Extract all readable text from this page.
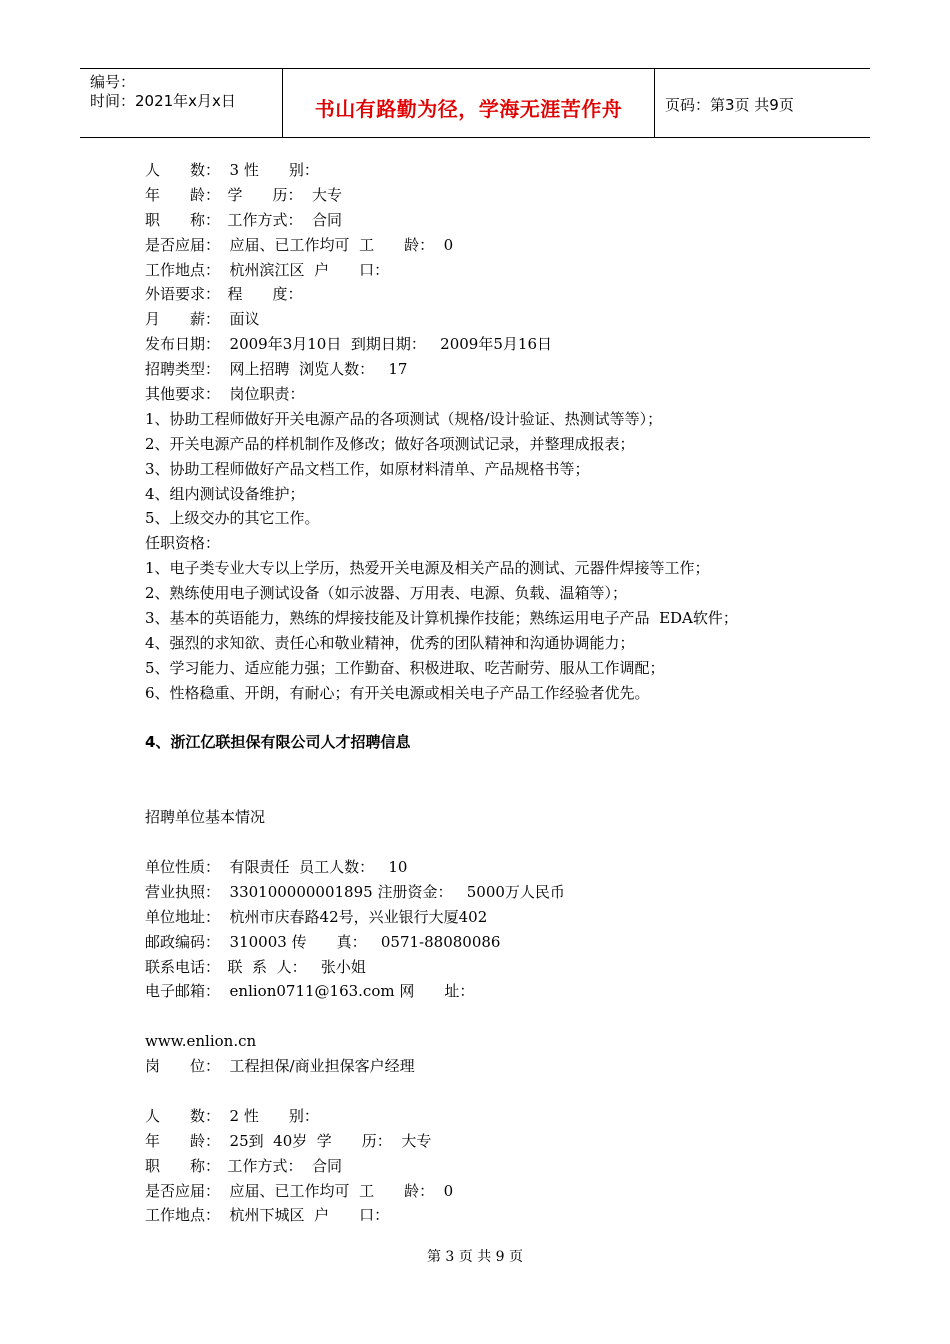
编号：
时间：2021年x月x日	书山有路勤为径，学海无涯苦作舟	页码：第3页 共9页
人　　数：  3 性　　别：
年　　龄：　学　　历：  大专
职　　称：　工作方式：  合同
是否应届：  应届、已工作均可  工　　龄：  0
工作地点：  杭州滨江区  户　　口：
外语要求：　程　　度：
月　　薪：  面议
发布日期：  2009年3月10日  到期日期：   2009年5月16日
招聘类型：  网上招聘  浏览人数：   17
其他要求：  岗位职责：
1、协助工程师做好开关电源产品的各项测试（规格/设计验证、热测试等等）；
2、开关电源产品的样机制作及修改；做好各项测试记录，并整理成报表；
3、协助工程师做好产品文档工作，如原材料清单、产品规格书等；
4、组内测试设备维护；
5、上级交办的其它工作。
任职资格：
1、电子类专业大专以上学历，热爱开关电源及相关产品的测试、元器件焊接等工作；
2、熟练使用电子测试设备（如示波器、万用表、电源、负载、温箱等）；
3、基本的英语能力，熟练的焊接技能及计算机操作技能；熟练运用电子产品  EDA软件；
4、强烈的求知欲、责任心和敬业精神，优秀的团队精神和沟通协调能力；
5、学习能力、适应能力强；工作勤奋、积极进取、吃苦耐劳、服从工作调配；
6、性格稳重、开朗，有耐心；有开关电源或相关电子产品工作经验者优先。
4、浙江亿联担保有限公司人才招聘信息
招聘单位基本情况
单位性质：  有限责任  员工人数：   10
营业执照：  330100000001895 注册资金：   5000万人民币
单位地址：  杭州市庆春路42号，兴业银行大厦402
邮政编码：  310003 传　　真：   0571-88080086
联系电话：　联  系  人：   张小姐
电子邮箱：  enlion0711@163.com 网　　址：
www.enlion.cn
岗　　位：  工程担保/商业担保客户经理
人　　数：  2 性　　别：
年　　龄：  25到  40岁  学　　历：  大专
职　　称：　工作方式：  合同
是否应届：  应届、已工作均可  工　　龄：  0
工作地点：  杭州下城区  户　　口：
第 3 页 共 9 页
